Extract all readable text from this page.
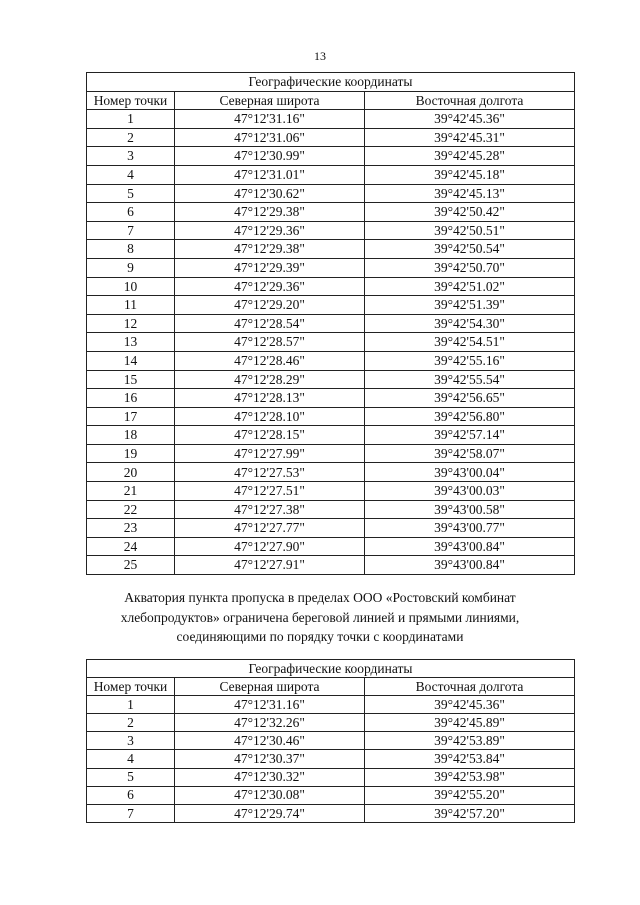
13
Географические координаты		
Номер точки	Северная широта	Восточная долгота
1	47°12'31.16"	39°42'45.36"
2	47°12'31.06"	39°42'45.31"
3	47°12'30.99"	39°42'45.28"
4	47°12'31.01"	39°42'45.18"
5	47°12'30.62"	39°42'45.13"
6	47°12'29.38"	39°42'50.42"
7	47°12'29.36"	39°42'50.51"
8	47°12'29.38"	39°42'50.54"
9	47°12'29.39"	39°42'50.70"
10	47°12'29.36"	39°42'51.02"
11	47°12'29.20"	39°42'51.39"
12	47°12'28.54"	39°42'54.30"
13	47°12'28.57"	39°42'54.51"
14	47°12'28.46"	39°42'55.16"
15	47°12'28.29"	39°42'55.54"
16	47°12'28.13"	39°42'56.65"
17	47°12'28.10"	39°42'56.80"
18	47°12'28.15"	39°42'57.14"
19	47°12'27.99"	39°42'58.07"
20	47°12'27.53"	39°43'00.04"
21	47°12'27.51"	39°43'00.03"
22	47°12'27.38"	39°43'00.58"
23	47°12'27.77"	39°43'00.77"
24	47°12'27.90"	39°43'00.84"
25	47°12'27.91"	39°43'00.84"
Акватория пункта пропуска в пределах ООО «Ростовский комбинат
хлебопродуктов» ограничена береговой линией и прямыми линиями,
соединяющими по порядку точки с координатами
Географические координаты		
Номер точки	Северная широта	Восточная долгота
1	47°12'31.16"	39°42'45.36"
2	47°12'32.26"	39°42'45.89"
3	47°12'30.46"	39°42'53.89"
4	47°12'30.37"	39°42'53.84"
5	47°12'30.32"	39°42'53.98"
6	47°12'30.08"	39°42'55.20"
7	47°12'29.74"	39°42'57.20"
